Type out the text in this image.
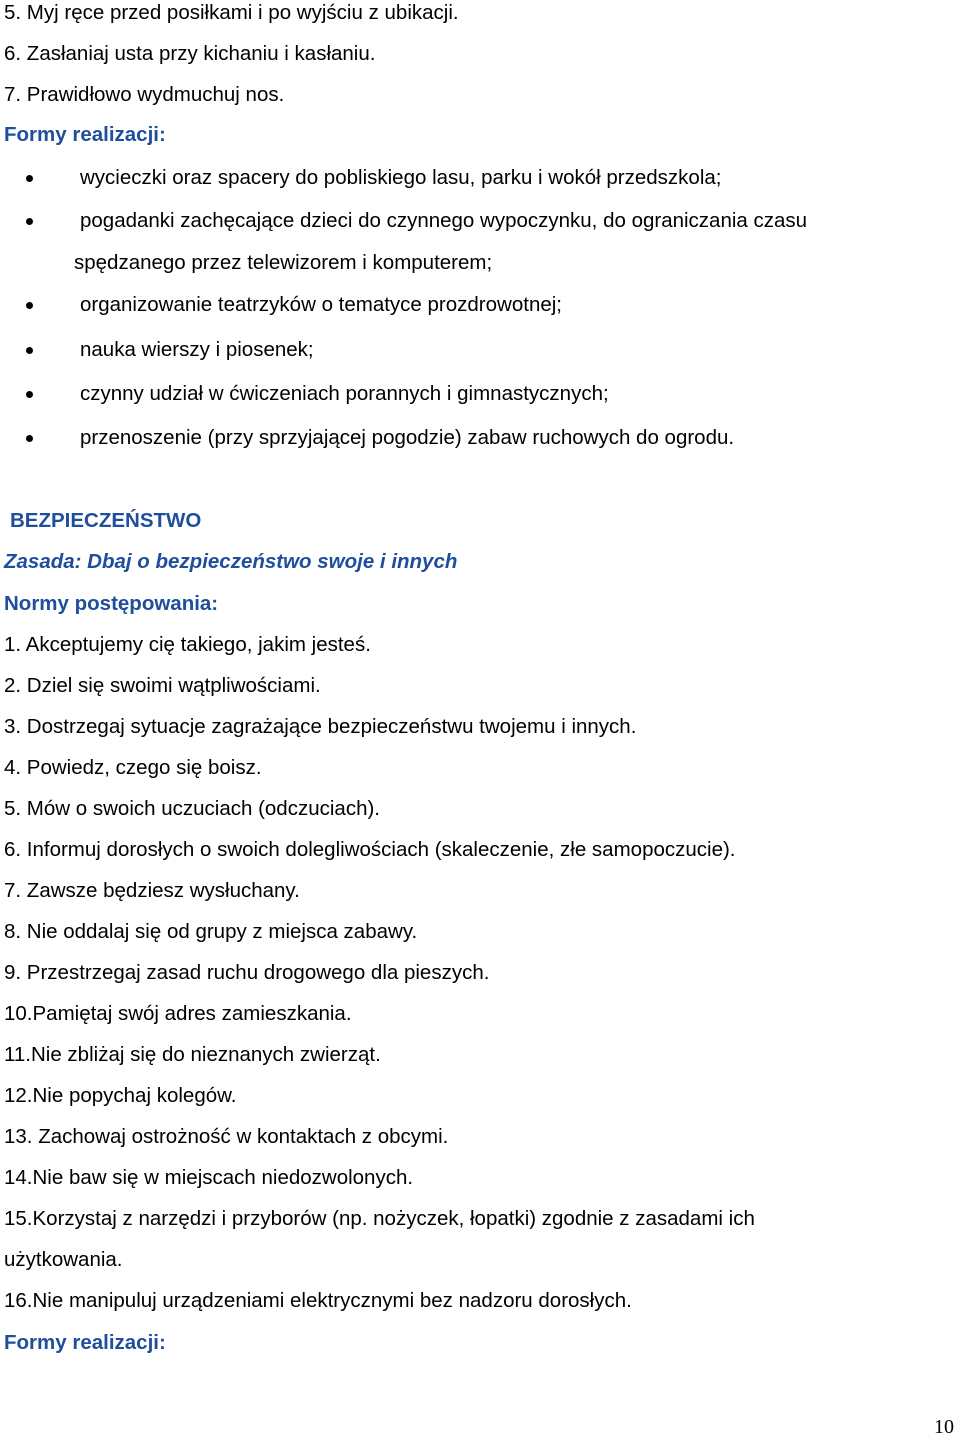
5. Myj ręce przed posiłkami i po wyjściu z ubikacji.
6. Zasłaniaj usta przy kichaniu i kasłaniu.
7. Prawidłowo wydmuchuj nos.
Formy realizacji:
wycieczki oraz spacery do pobliskiego lasu, parku i wokół przedszkola;
pogadanki zachęcające dzieci do czynnego wypoczynku, do ograniczania czasu
spędzanego przez telewizorem i komputerem;
organizowanie teatrzyków o tematyce prozdrowotnej;
nauka wierszy i piosenek;
czynny udział w ćwiczeniach porannych i gimnastycznych;
przenoszenie (przy sprzyjającej pogodzie) zabaw ruchowych do ogrodu.
BEZPIECZEŃSTWO
Zasada: Dbaj o bezpieczeństwo swoje i innych
Normy postępowania:
1. Akceptujemy cię takiego, jakim jesteś.
2. Dziel się swoimi wątpliwościami.
3. Dostrzegaj sytuacje zagrażające bezpieczeństwu twojemu i innych.
4. Powiedz, czego się boisz.
5. Mów o swoich uczuciach (odczuciach).
6. Informuj dorosłych o swoich dolegliwościach (skaleczenie, złe samopoczucie).
7. Zawsze będziesz wysłuchany.
8. Nie oddalaj się od grupy z miejsca zabawy.
9. Przestrzegaj zasad ruchu drogowego dla pieszych.
10.Pamiętaj swój adres zamieszkania.
11.Nie zbliżaj się do nieznanych zwierząt.
12.Nie popychaj kolegów.
13. Zachowaj ostrożność w kontaktach z obcymi.
14.Nie baw się w miejscach niedozwolonych.
15.Korzystaj z narzędzi i przyborów (np. nożyczek, łopatki) zgodnie z zasadami ich
użytkowania.
16.Nie manipuluj urządzeniami elektrycznymi bez nadzoru dorosłych.
Formy realizacji:
10
